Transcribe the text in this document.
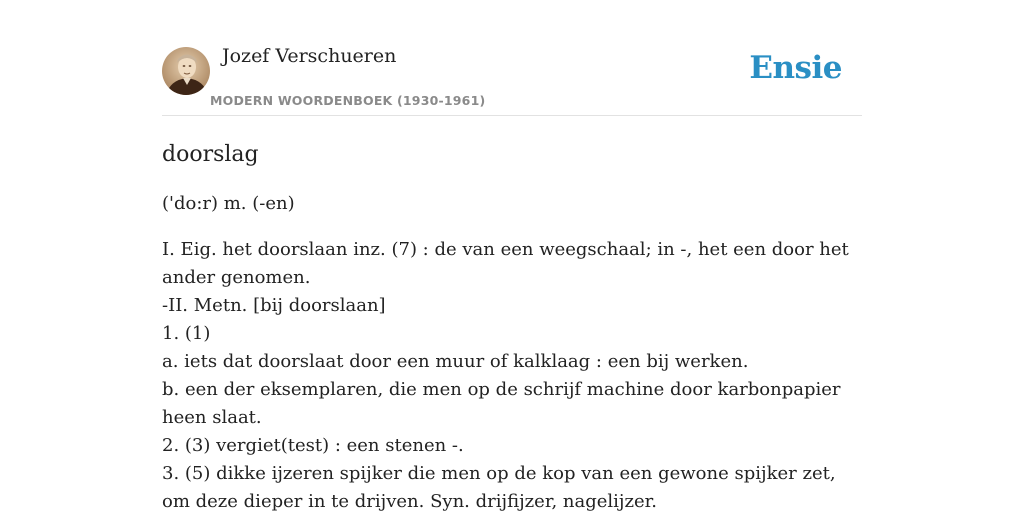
Jozef Verschueren
MODERN WOORDENBOEK (1930-1961)
Ensie
doorslag
('do:r) m. (-en)

I. Eig. het doorslaan inz. (7) : de van een weegschaal; in -, het een door het ander genomen.

-II. Metn. [bij doorslaan]

1. (1)

a. iets dat doorslaat door een muur of kalklaag : een bij werken.

b. een der eksemplaren, die men op de schrijf machine door karbonpapier heen slaat.

2. (3) vergiet(test) : een stenen -.

3. (5) dikke ijzeren spijker die men op de kop van een gewone spijker zet, om deze dieper in te drijven. Syn. drijfijzer, nagelijzer.
